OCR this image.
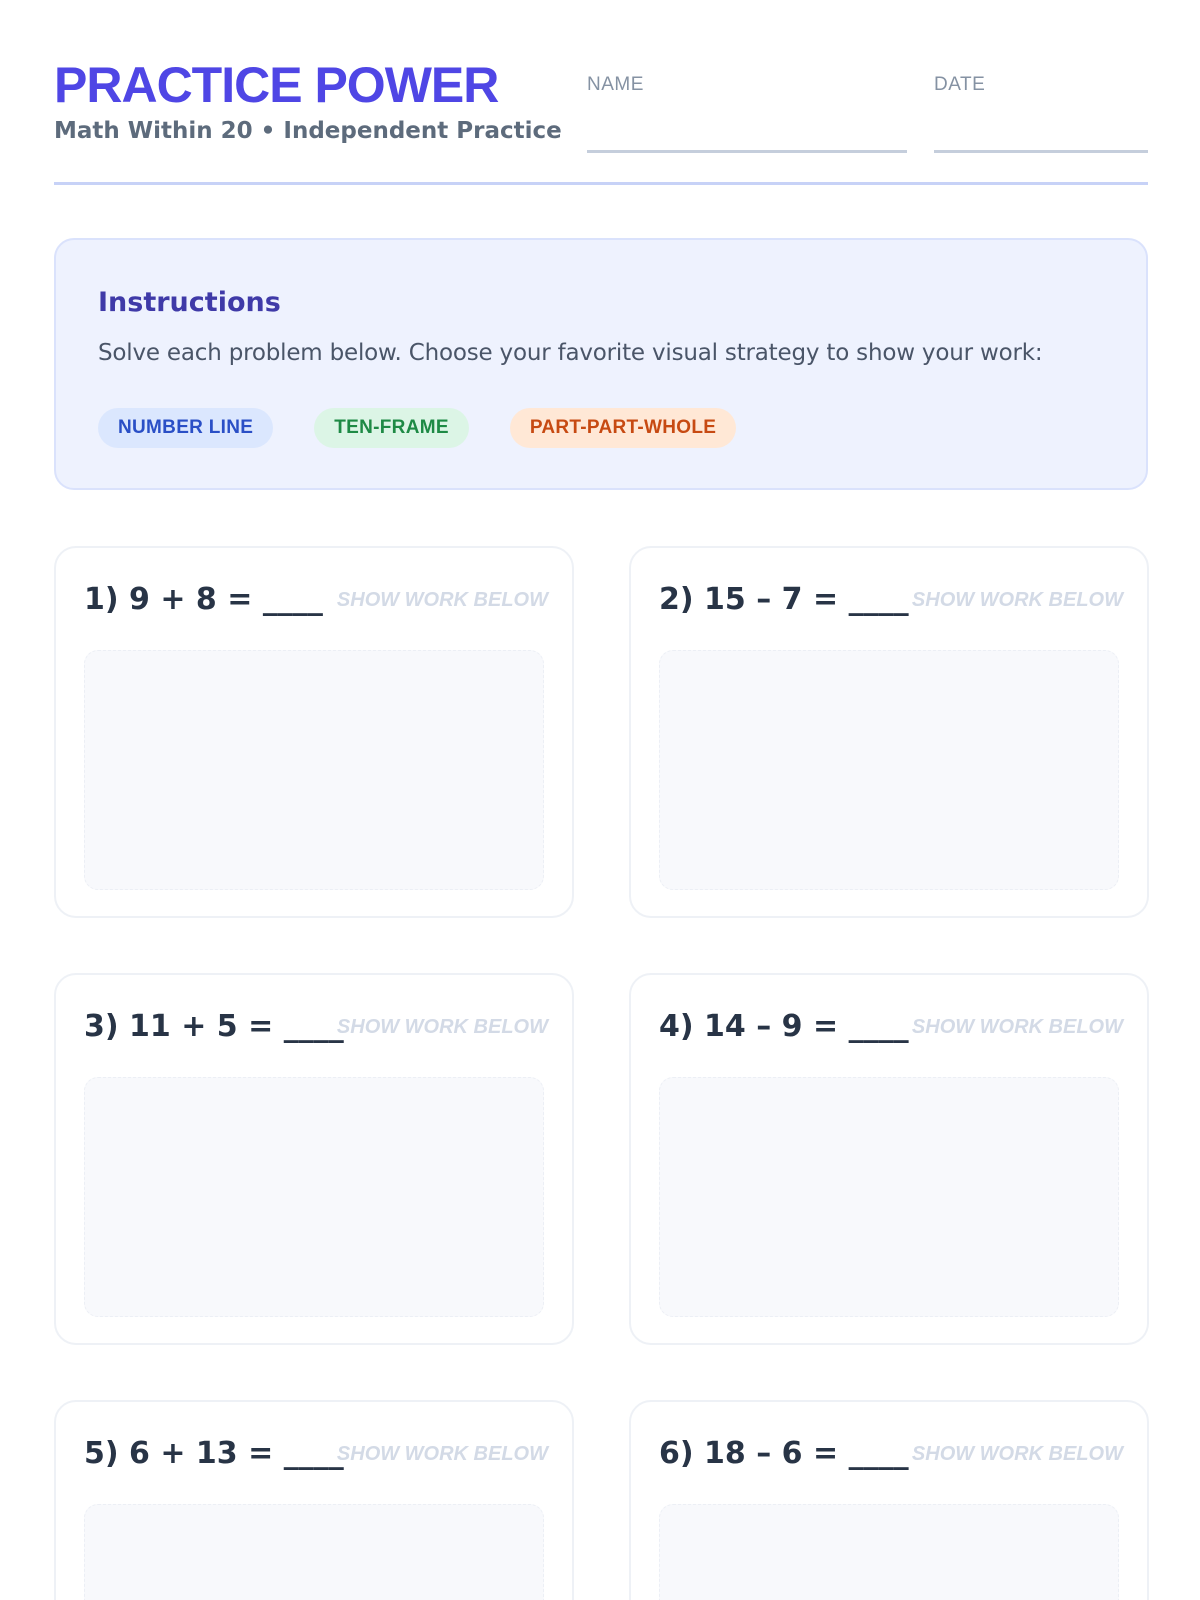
PRACTICE POWER
Math Within 20 • Independent Practice
NAME	DATE
Instructions

Solve each problem below. Choose your favorite visual strategy to show your work:

NUMBER LINE	TEN-FRAME	PART-PART-WHOLE
1) 9 + 8 = ____ SHOW WORK BELOW	2) 15 – 7 = ____ SHOW WORK BELOW
3) 11 + 5 = ____
SHOW WORK BELOW	4) 14 – 9 = ____ SHOW WORK BELOW
5) 6 + 13 = ____
SHOW WORK BELOW	6) 18 – 6 = ____ SHOW WORK BELOW
